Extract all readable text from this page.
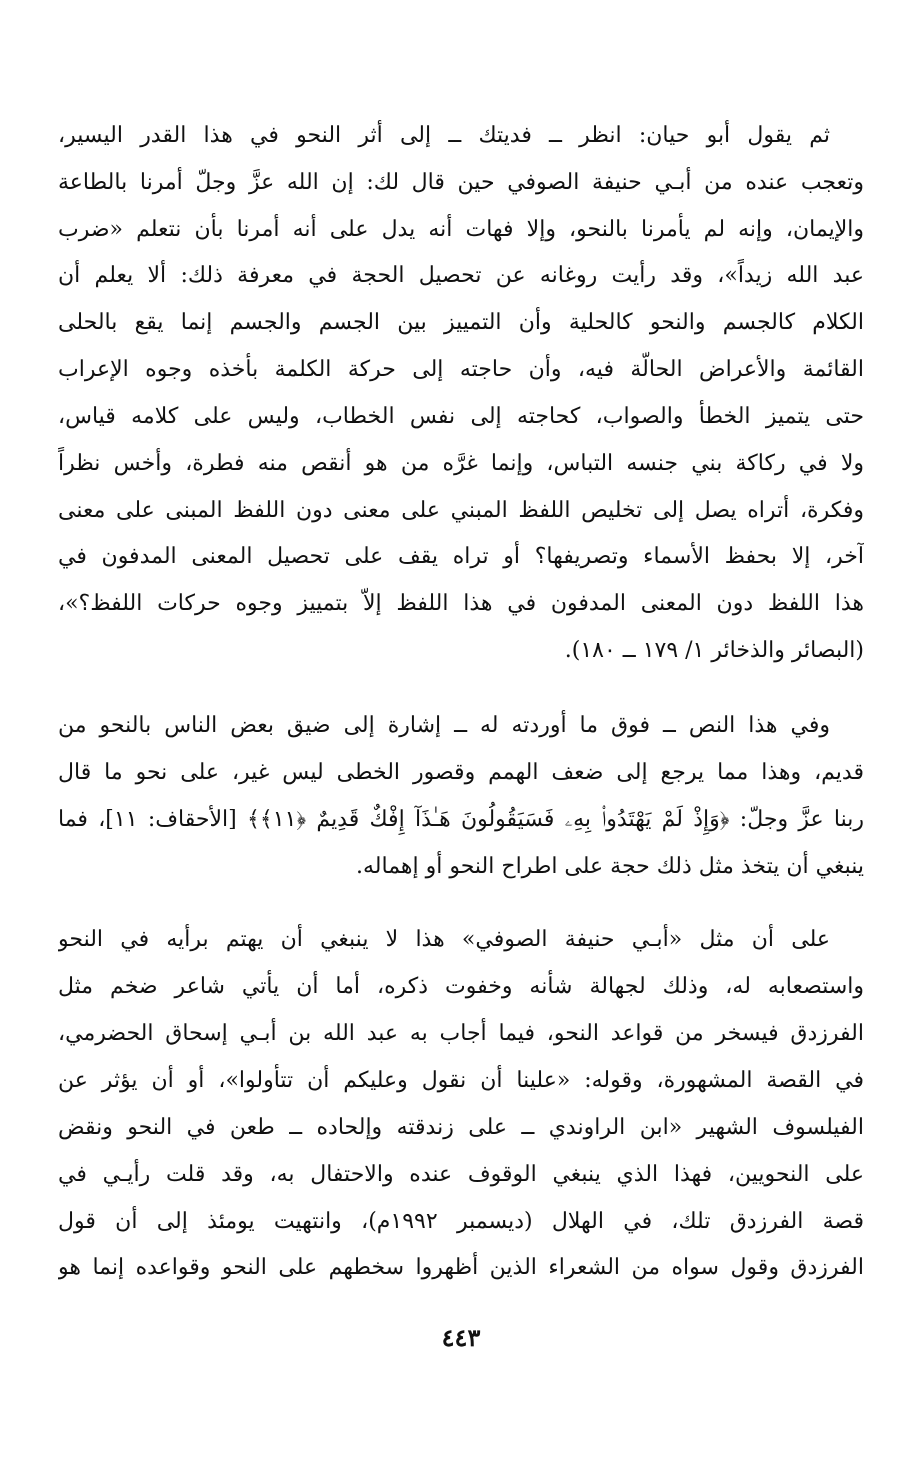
ثم يقول أبو حيان: انظر ــ فديتك ــ إلى أثر النحو في هذا القدر اليسير،
وتعجب عنده من أبـي حنيفة الصوفي حين قال لك: إن الله عزَّ وجلّ أمرنا بالطاعة
والإيمان، وإنه لم يأمرنا بالنحو، وإلا فهات أنه يدل على أنه أمرنا بأن نتعلم «ضرب
عبد الله زيداً»، وقد رأيت روغانه عن تحصيل الحجة في معرفة ذلك: ألا يعلم أن
الكلام كالجسم والنحو كالحلية وأن التمييز بين الجسم والجسم إنما يقع بالحلى
القائمة والأعراض الحالّة فيه، وأن حاجته إلى حركة الكلمة بأخذه وجوه الإعراب
حتى يتميز الخطأ والصواب، كحاجته إلى نفس الخطاب، وليس على كلامه قياس،
ولا في ركاكة بني جنسه التباس، وإنما غرَّه من هو أنقص منه فطرة، وأخس نظراً
وفكرة، أتراه يصل إلى تخليص اللفظ المبني على معنى دون اللفظ المبنى على معنى
آخر، إلا بحفظ الأسماء وتصريفها؟ أو تراه يقف على تحصيل المعنى المدفون في
هذا اللفظ دون المعنى المدفون في هذا اللفظ إلاّ بتمييز وجوه حركات اللفظ؟»،
(البصائر والذخائر ١/ ١٧٩ ــ ١٨٠).
وفي هذا النص ــ فوق ما أوردته له ــ إشارة إلى ضيق بعض الناس بالنحو من
قديم، وهذا مما يرجع إلى ضعف الهمم وقصور الخطى ليس غير، على نحو ما قال
ربنا عزَّ وجلّ: ﴿وَإِذْ لَمْ يَهْتَدُوا۟ بِهِۦ فَسَيَقُولُونَ هَـٰذَآ إِفْكٌ قَدِيمٌ ﴿١١﴾﴾ [الأحقاف: ١١]، فما
ينبغي أن يتخذ مثل ذلك حجة على اطراح النحو أو إهماله.
على أن مثل «أبـي حنيفة الصوفي» هذا لا ينبغي أن يهتم برأيه في النحو
واستصعابه له، وذلك لجهالة شأنه وخفوت ذكره، أما أن يأتي شاعر ضخم مثل
الفرزدق فيسخر من قواعد النحو، فيما أجاب به عبد الله بن أبـي إسحاق الحضرمي،
في القصة المشهورة، وقوله: «علينا أن نقول وعليكم أن تتأولوا»، أو أن يؤثر عن
الفيلسوف الشهير «ابن الراوندي ــ على زندقته وإلحاده ــ طعن في النحو ونقض
على النحويين، فهذا الذي ينبغي الوقوف عنده والاحتفال به، وقد قلت رأيـي في
قصة الفرزدق تلك، في الهلال (ديسمبر ١٩٩٢م)، وانتهيت يومئذ إلى أن قول
الفرزدق وقول سواه من الشعراء الذين أظهروا سخطهم على النحو وقواعده إنما هو
٤٤٣
